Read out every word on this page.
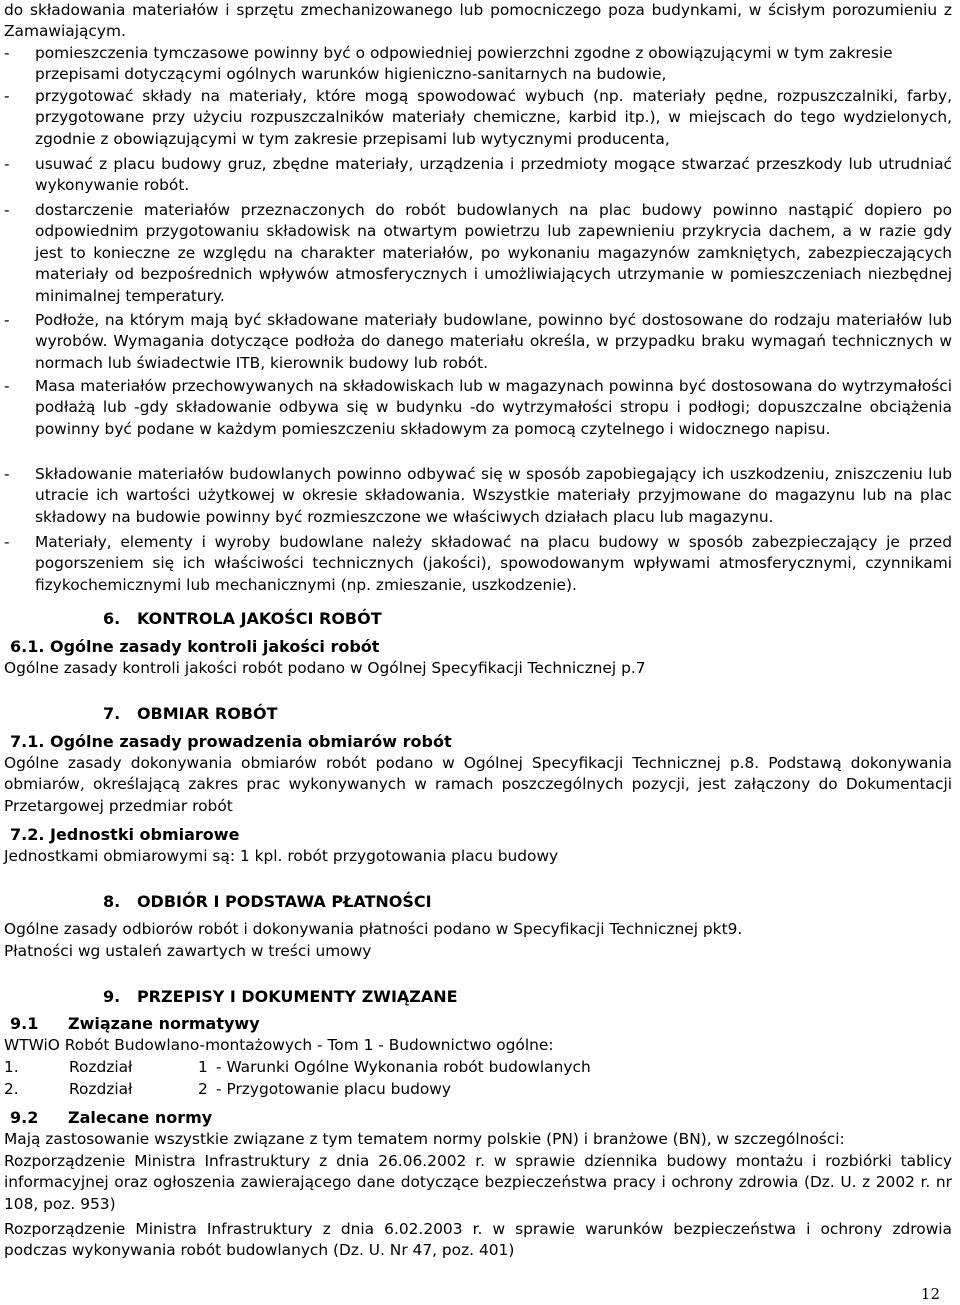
do składowania materiałów i sprzętu zmechanizowanego lub pomocniczego poza budynkami, w ścisłym porozumieniu z Zamawiającym.
-	pomieszczenia tymczasowe powinny być o odpowiedniej powierzchni zgodne z obowiązującymi w tym zakresie przepisami dotyczącymi ogólnych warunków higieniczno-sanitarnych na budowie,
-	przygotować składy na materiały, które mogą spowodować wybuch (np. materiały pędne, rozpuszczalniki, farby, przygotowane przy użyciu rozpuszczalników materiały chemiczne, karbid itp.), w miejscach do tego wydzielonych, zgodnie z obowiązującymi w tym zakresie przepisami lub wytycznymi producenta,
-	usuwać z placu budowy gruz, zbędne materiały, urządzenia i przedmioty mogące stwarzać przeszkody lub utrudniać wykonywanie robót.
-	dostarczenie materiałów przeznaczonych do robót budowlanych na plac budowy powinno nastąpić dopiero po odpowiednim przygotowaniu składowisk na otwartym powietrzu lub zapewnieniu przykrycia dachem, a w razie gdy jest to konieczne ze względu na charakter materiałów, po wykonaniu magazynów zamkniętych, zabezpieczających materiały od bezpośrednich wpływów atmosferycznych i umożliwiających utrzymanie w pomieszczeniach niezbędnej minimalnej temperatury.
-	Podłoże, na którym mają być składowane materiały budowlane, powinno być dostosowane do rodzaju materiałów lub wyrobów. Wymagania dotyczące podłoża do danego materiału określa, w przypadku braku wymagań technicznych w normach lub świadectwie ITB, kierownik budowy lub robót.
-	Masa materiałów przechowywanych na składowiskach lub w magazynach powinna być dostosowana do wytrzymałości podłażą lub -gdy składowanie odbywa się w budynku -do wytrzymałości stropu i podłogi; dopuszczalne obciążenia powinny być podane w każdym pomieszczeniu składowym za pomocą czytelnego i widocznego napisu.
-	Składowanie materiałów budowlanych powinno odbywać się w sposób zapobiegający ich uszkodzeniu, zniszczeniu lub utracie ich wartości użytkowej w okresie składowania. Wszystkie materiały przyjmowane do magazynu lub na plac składowy na budowie powinny być rozmieszczone we właściwych działach placu lub magazynu.
-	Materiały, elementy i wyroby budowlane należy składować na placu budowy w sposób zabezpieczający je przed pogorszeniem się ich właściwości technicznych (jakości), spowodowanym wpływami atmosferycznymi, czynnikami fizykochemicznymi lub mechanicznymi (np. zmieszanie, uszkodzenie).
6. KONTROLA JAKOŚCI ROBÓT
6.1. Ogólne zasady kontroli jakości robót
Ogólne zasady kontroli jakości robót podano w Ogólnej Specyfikacji Technicznej p.7
7. OBMIAR ROBÓT
7.1. Ogólne zasady prowadzenia obmiarów robót
Ogólne zasady dokonywania obmiarów robót podano w Ogólnej Specyfikacji Technicznej p.8. Podstawą dokonywania obmiarów, określającą zakres prac wykonywanych w ramach poszczególnych pozycji, jest załączony do Dokumentacji Przetargowej przedmiar robót
7.2. Jednostki obmiarowe
Jednostkami obmiarowymi są: 1 kpl. robót przygotowania placu budowy
8. ODBIÓR I PODSTAWA PŁATNOŚCI
Ogólne zasady odbiorów robót i dokonywania płatności podano w Specyfikacji Technicznej pkt9.
Płatności wg ustaleń zawartych w treści umowy
9. PRZEPISY I DOKUMENTY ZWIĄZANE
9.1 Związane normatywy
WTWiO Robót Budowlano-montażowych - Tom 1 - Budownictwo ogólne:
1.	Rozdział	1 - Warunki Ogólne Wykonania robót budowlanych
2.	Rozdział	2 - Przygotowanie placu budowy
9.2 Zalecane normy
Mają zastosowanie wszystkie związane z tym tematem normy polskie (PN) i branżowe (BN), w szczególności:
Rozporządzenie Ministra Infrastruktury z dnia 26.06.2002 r. w sprawie dziennika budowy montażu i rozbiórki tablicy informacyjnej oraz ogłoszenia zawierającego dane dotyczące bezpieczeństwa pracy i ochrony zdrowia (Dz. U. z 2002 r. nr 108, poz. 953)
Rozporządzenie Ministra Infrastruktury z dnia 6.02.2003 r. w sprawie warunków bezpieczeństwa i ochrony zdrowia podczas wykonywania robót budowlanych (Dz. U. Nr 47, poz. 401)
12
